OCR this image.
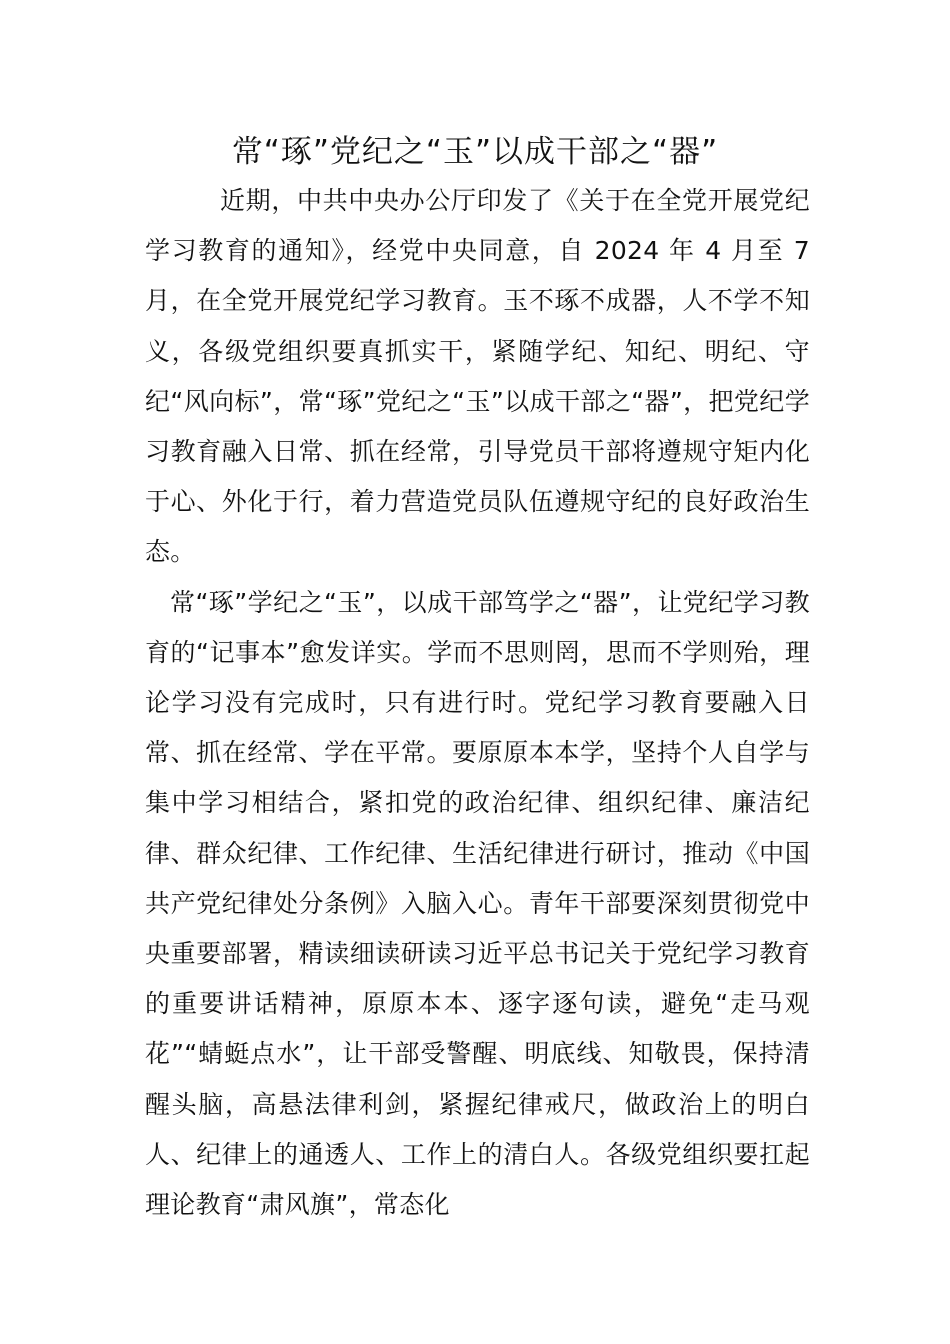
常“琢”党纪之“玉”以成干部之“器”

近期，中共中央办公厅印发了《关于在全党开展党纪学习教育的通知》，经党中央同意，自 2024 年 4 月至 7 月，在全党开展党纪学习教育。玉不琢不成器，人不学不知义，各级党组织要真抓实干，紧随学纪、知纪、明纪、守纪“风向标”，常“琢”党纪之“玉”以成干部之“器”，把党纪学习教育融入日常、抓在经常，引导党员干部将遵规守矩内化于心、外化于行，着力营造党员队伍遵规守纪的良好政治生态。

常“琢”学纪之“玉”，以成干部笃学之“器”，让党纪学习教育的“记事本”愈发详实。学而不思则罔，思而不学则殆，理论学习没有完成时，只有进行时。党纪学习教育要融入日常、抓在经常、学在平常。要原原本本学，坚持个人自学与集中学习相结合，紧扣党的政治纪律、组织纪律、廉洁纪律、群众纪律、工作纪律、生活纪律进行研讨，推动《中国共产党纪律处分条例》入脑入心。青年干部要深刻贯彻党中央重要部署，精读细读研读习近平总书记关于党纪学习教育的重要讲话精神，原原本本、逐字逐句读，避免“走马观花”“蜻蜓点水”，让干部受警醒、明底线、知敬畏，保持清醒头脑，高悬法律利剑，紧握纪律戒尺，做政治上的明白人、纪律上的通透人、工作上的清白人。各级党组织要扛起理论教育“肃风旗”，常态化
